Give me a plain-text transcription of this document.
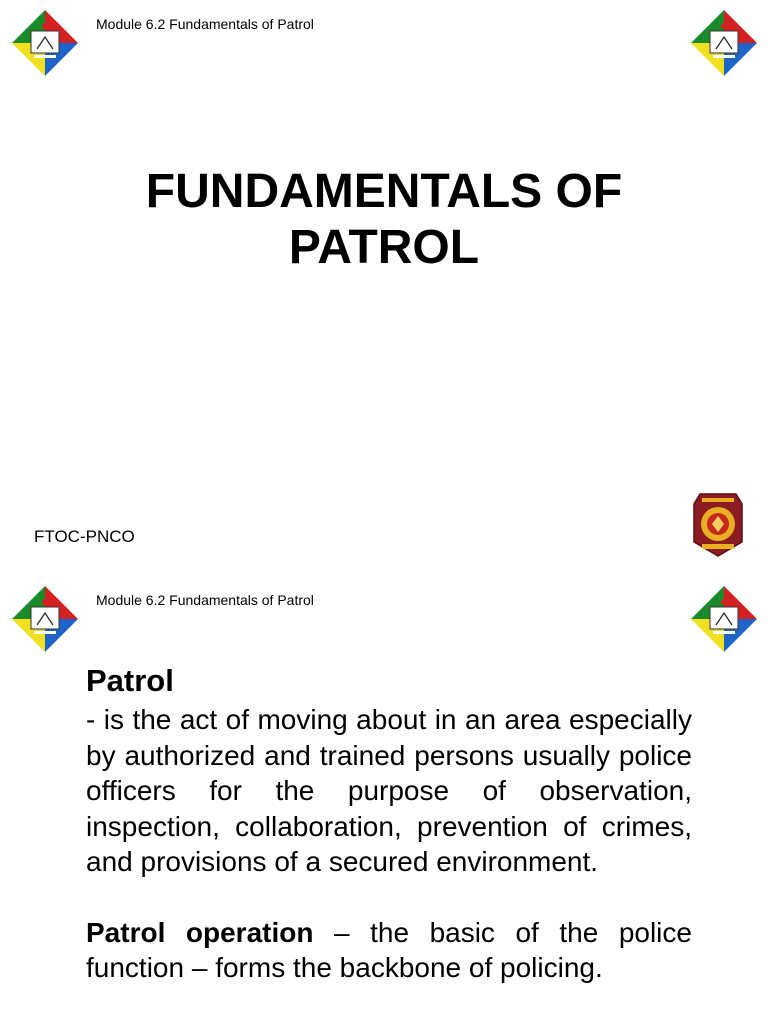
Module 6.2 Fundamentals of Patrol
FUNDAMENTALS OF
PATROL
FTOC-PNCO
Module 6.2 Fundamentals of Patrol
Patrol
- is the act of moving about in an area especially by authorized and trained persons usually police officers for the purpose of observation, inspection, collaboration, prevention of crimes, and provisions of a secured environment.
Patrol operation – the basic of the police function – forms the backbone of policing.
